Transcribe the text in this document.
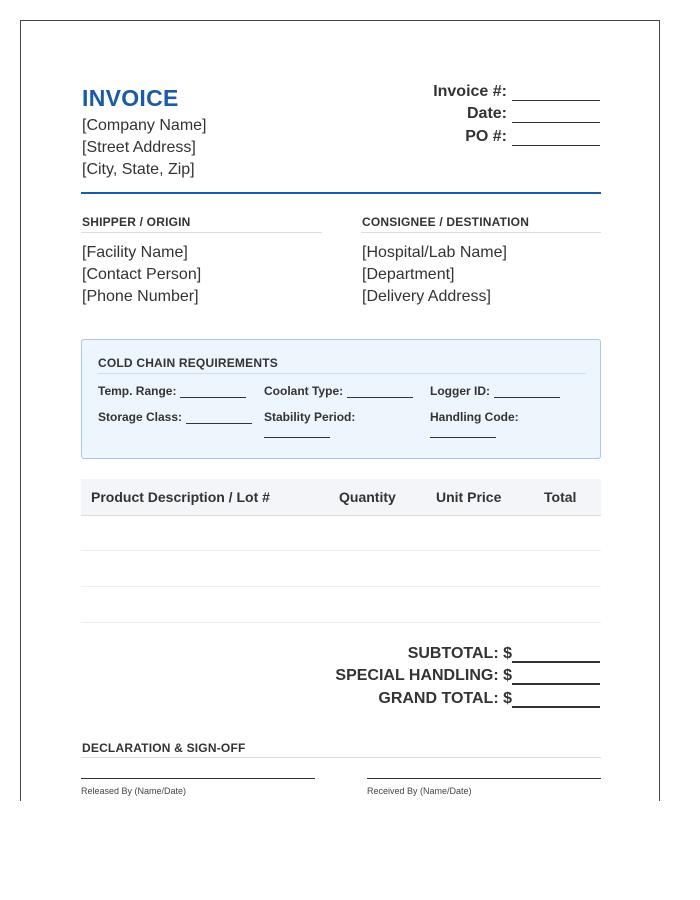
INVOICE
[Company Name]
[Street Address]
[City, State, Zip]
Invoice #:
Date:
PO #:
SHIPPER / ORIGIN
[Facility Name]
[Contact Person]
[Phone Number]
CONSIGNEE / DESTINATION
[Hospital/Lab Name]
[Department]
[Delivery Address]
COLD CHAIN REQUIREMENTS
Temp. Range:	Coolant Type:	Logger ID:
Storage Class:	Stability Period:	Handling Code:
Product Description / Lot #	Quantity	Unit Price	Total
SUBTOTAL: $
SPECIAL HANDLING: $
GRAND TOTAL: $
DECLARATION & SIGN-OFF
Released By (Name/Date)	Received By (Name/Date)
